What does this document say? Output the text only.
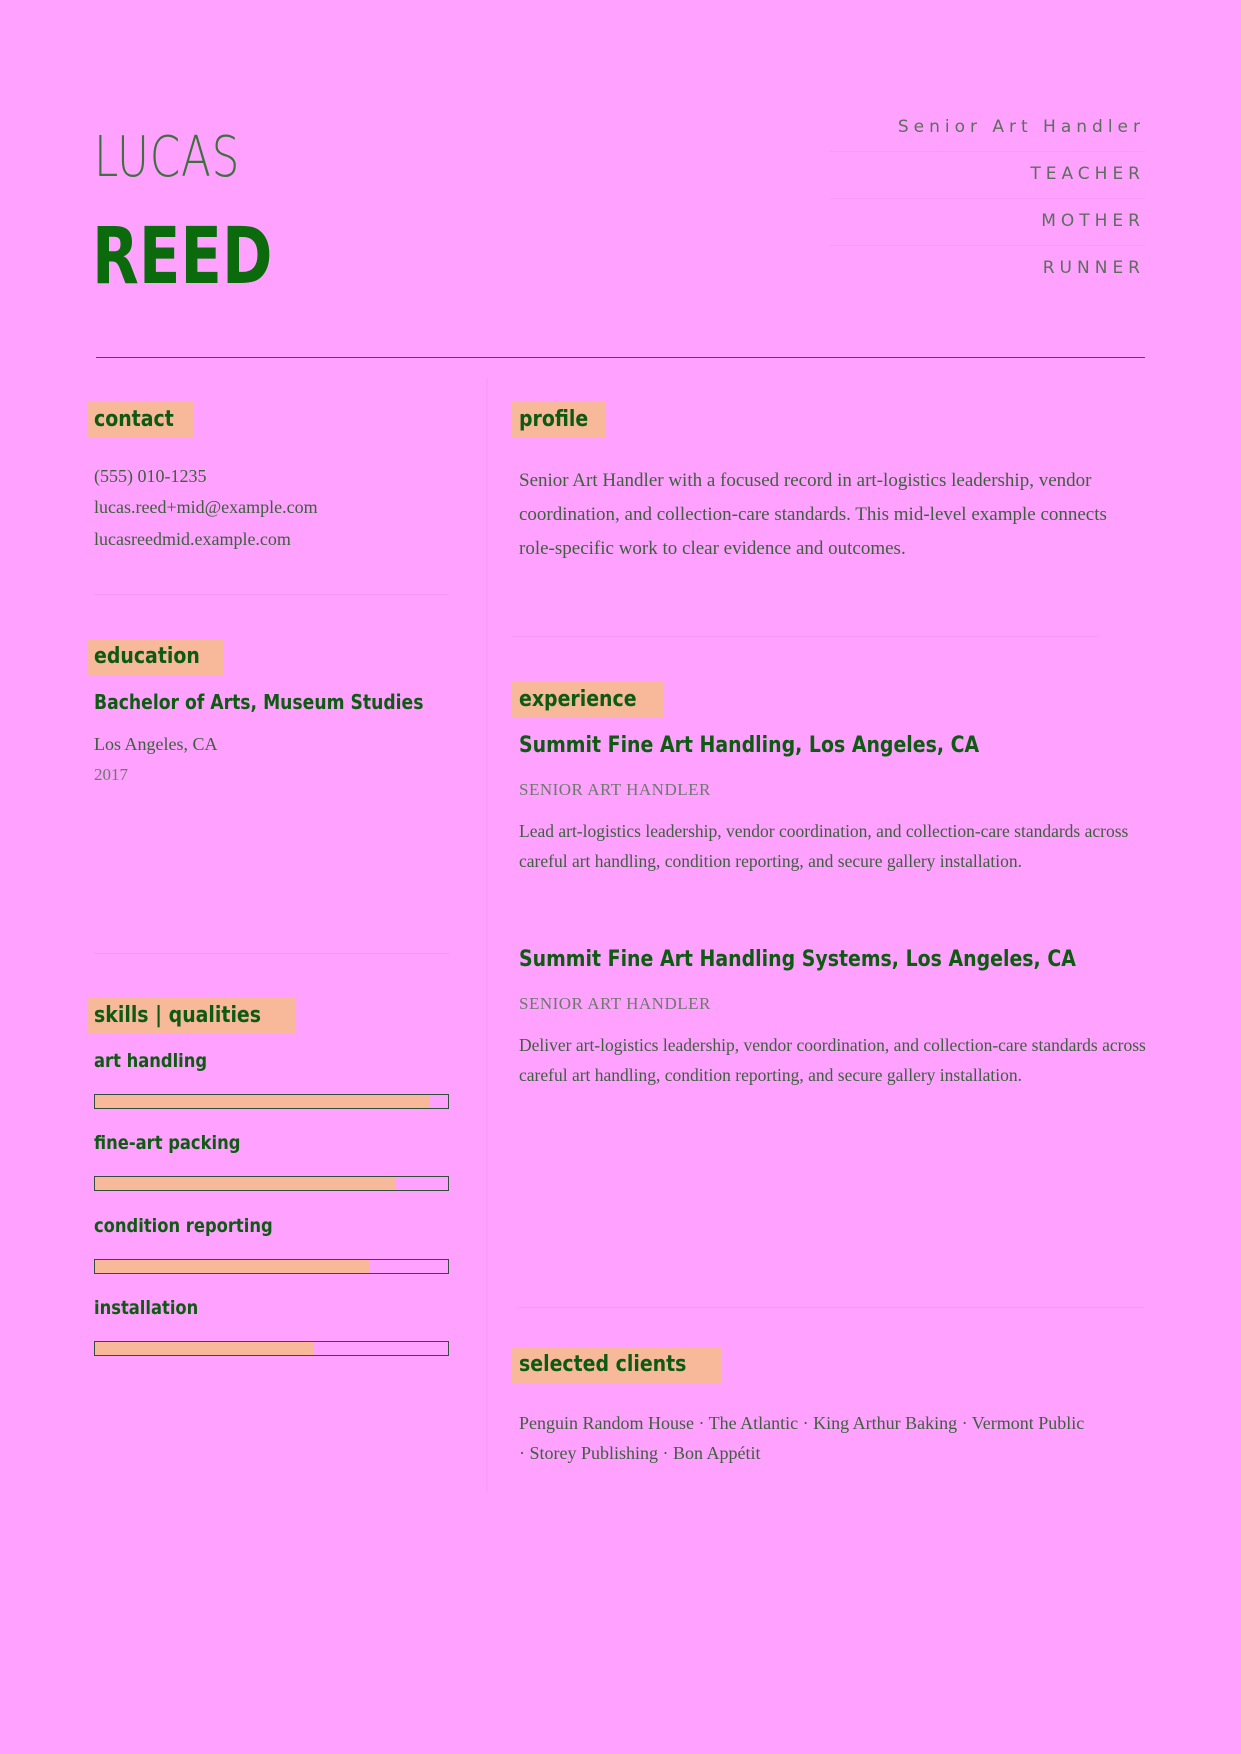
LUCAS
REED
Senior Art Handler
TEACHER
MOTHER
RUNNER
contact
(555) 010-1235
lucas.reed+mid@example.com
lucasreedmid.example.com
education
Bachelor of Arts, Museum Studies
Los Angeles, CA
2017
skills | qualities
art handling
fine-art packing
condition reporting
installation
profile

Senior Art Handler with a focused record in art-logistics leadership, vendor coordination, and collection-care standards. This mid-level example connects role-specific work to clear evidence and outcomes.

experience
Summit Fine Art Handling, Los Angeles, CA
SENIOR ART HANDLER

Lead art-logistics leadership, vendor coordination, and collection-care standards across careful art handling, condition reporting, and secure gallery installation.

Summit Fine Art Handling Systems, Los Angeles, CA
SENIOR ART HANDLER

Deliver art-logistics leadership, vendor coordination, and collection-care standards across careful art handling, condition reporting, and secure gallery installation.

selected clients

Penguin Random House · The Atlantic · King Arthur Baking · Vermont Public · Storey Publishing · Bon Appétit
